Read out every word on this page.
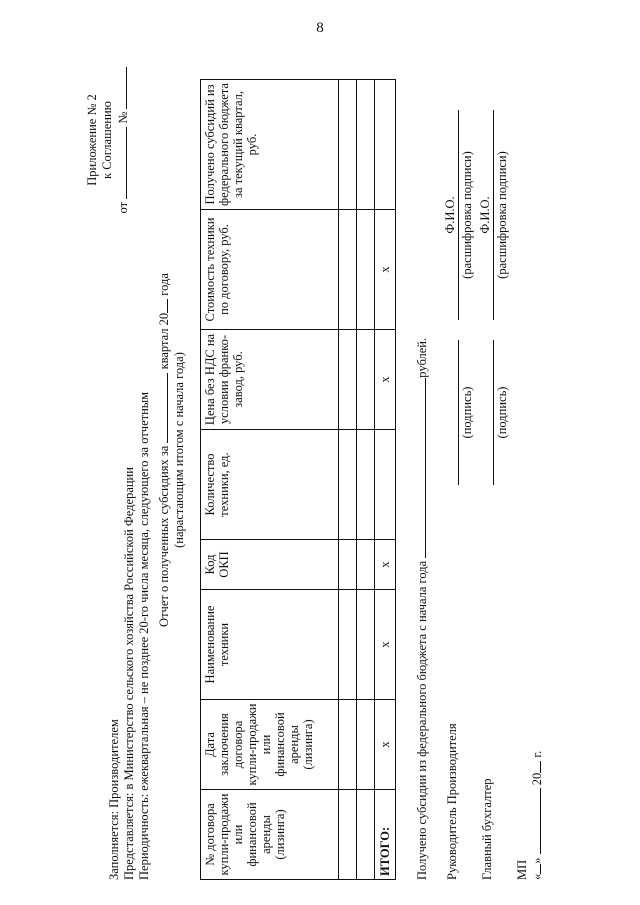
8
Приложение № 2 к Соглашению
от  №
Заполняется: Производителем Представляется: в Министерство сельского хозяйства Российской Федерации Периодичность: ежеквартальная – не позднее 20-го числа месяца, следующего за отчетным Отчет о полученных субсидиях за  квартал 20 года
(нарастающим итогом с начала года)
№ договора купли-продажи или финансовой аренды (лизинга)	Дата заключения договора купли-продажи или финансовой аренды (лизинга)	Наименование техники	Код ОКП	Количество техники, ед.	Цена без НДС на условии франко-завод, руб.	Стоимость техники по договору, руб.	Получено субсидий из федерального бюджета за текущий квартал, руб.

ИТОГО:	х	х	х		х	х	
Получено субсидии из федерального бюджета с начала года рублей.
Руководитель Производителя
(подпись)
Ф.И.О. (расшифровка подписи)
Главный бухгалтер
(подпись)
Ф.И.О. (расшифровка подписи)
МП «»  20 г.
